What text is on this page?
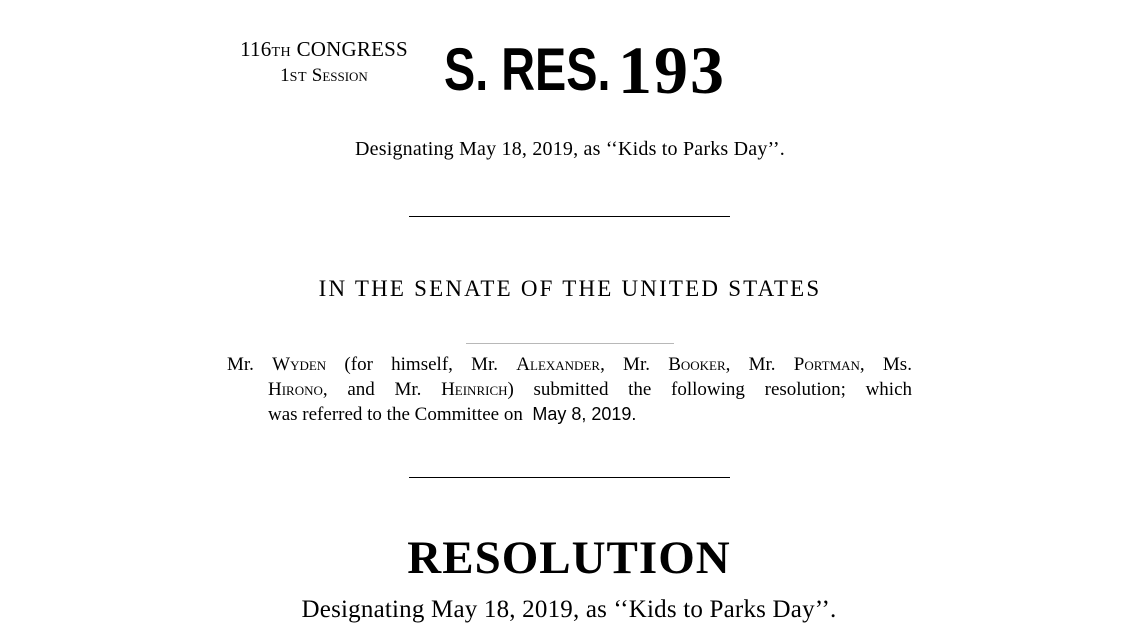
116TH CONGRESS
1ST Session	S. RES. 193
Designating May 18, 2019, as ‘‘Kids to Parks Day’’.
IN THE SENATE OF THE UNITED STATES
Mr. Wyden (for himself, Mr. Alexander, Mr. Booker, Mr. Portman, Ms.
Hirono, and Mr. Heinrich) submitted the following resolution; which
was referred to the Committee on May 8, 2019.
RESOLUTION
Designating May 18, 2019, as ‘‘Kids to Parks Day’’.
